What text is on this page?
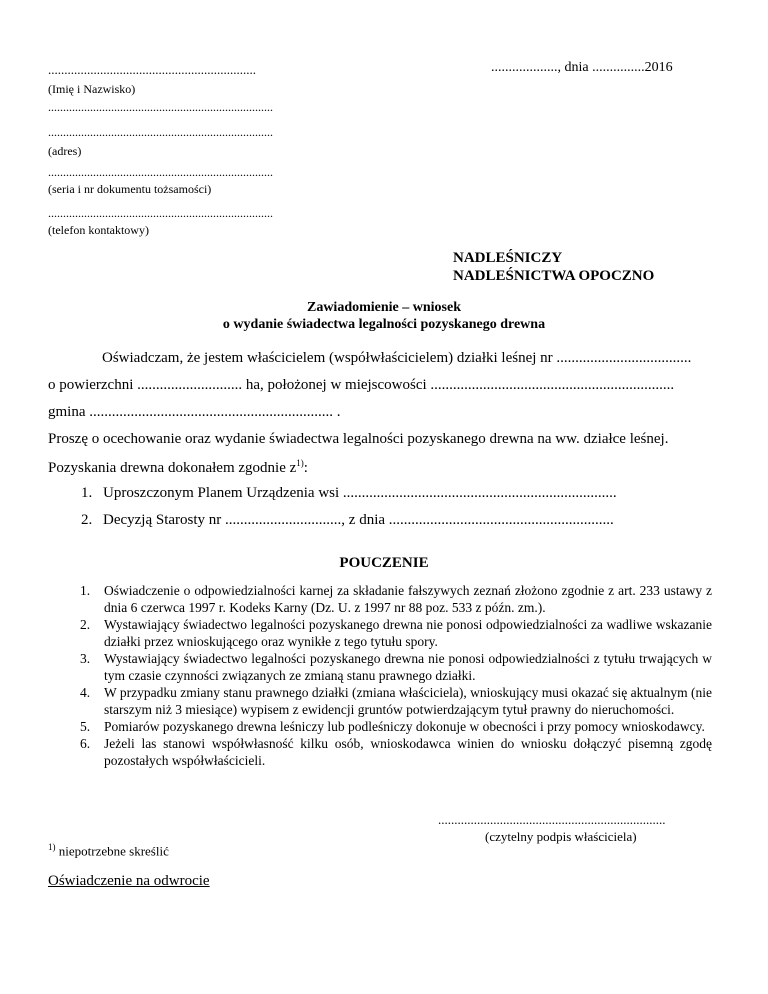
................................................................
(Imię i Nazwisko)
..................., dnia ...............2016
...........................................................................
...........................................................................
(adres)
...........................................................................
(seria i nr dokumentu tożsamości)
...........................................................................
(telefon kontaktowy)
NADLEŚNICZY
NADLEŚNICTWA OPOCZNO
Zawiadomienie – wniosek
o wydanie świadectwa legalności pozyskanego drewna
Oświadczam, że jestem właścicielem (współwłaścicielem) działki leśnej nr ....................................
o powierzchni ............................ ha, położonej w miejscowości .................................................................
gmina ................................................................. .
Proszę o ocechowanie oraz wydanie świadectwa legalności pozyskanego drewna na ww. działce leśnej.
Pozyskania drewna dokonałem zgodnie $z^{1)}$:
1. Uproszczonym Planem Urządzenia wsi .........................................................................
2. Decyzją Starosty nr ..............................., z dnia ............................................................
POUCZENIE
1. Oświadczenie o odpowiedzialności karnej za składanie fałszywych zeznań złożono zgodnie z art. 233 ustawy z dnia 6 czerwca 1997 r. Kodeks Karny (Dz. U. z 1997 nr 88 poz. 533 z późn. zm.).
2. Wystawiający świadectwo legalności pozyskanego drewna nie ponosi odpowiedzialności za wadliwe wskazanie działki przez wnioskującego oraz wynikłe z tego tytułu spory.
3. Wystawiający świadectwo legalności pozyskanego drewna nie ponosi odpowiedzialności z tytułu trwających w tym czasie czynności związanych ze zmianą stanu prawnego działki.
4. W przypadku zmiany stanu prawnego działki (zmiana właściciela), wnioskujący musi okazać się aktualnym (nie starszym niż 3 miesiące) wypisem z ewidencji gruntów potwierdzającym tytuł prawny do nieruchomości.
5. Pomiarów pozyskanego drewna leśniczy lub podleśniczy dokonuje w obecności i przy pomocy wnioskodawcy.
6. Jeżeli las stanowi współwłasność kilku osób, wnioskodawca winien do wniosku dołączyć pisemną zgodę pozostałych współwłaścicieli.
......................................................................
(czytelny podpis właściciela)
$^{1)}$ niepotrzebne skreślić
Oświadczenie na odwrocie
